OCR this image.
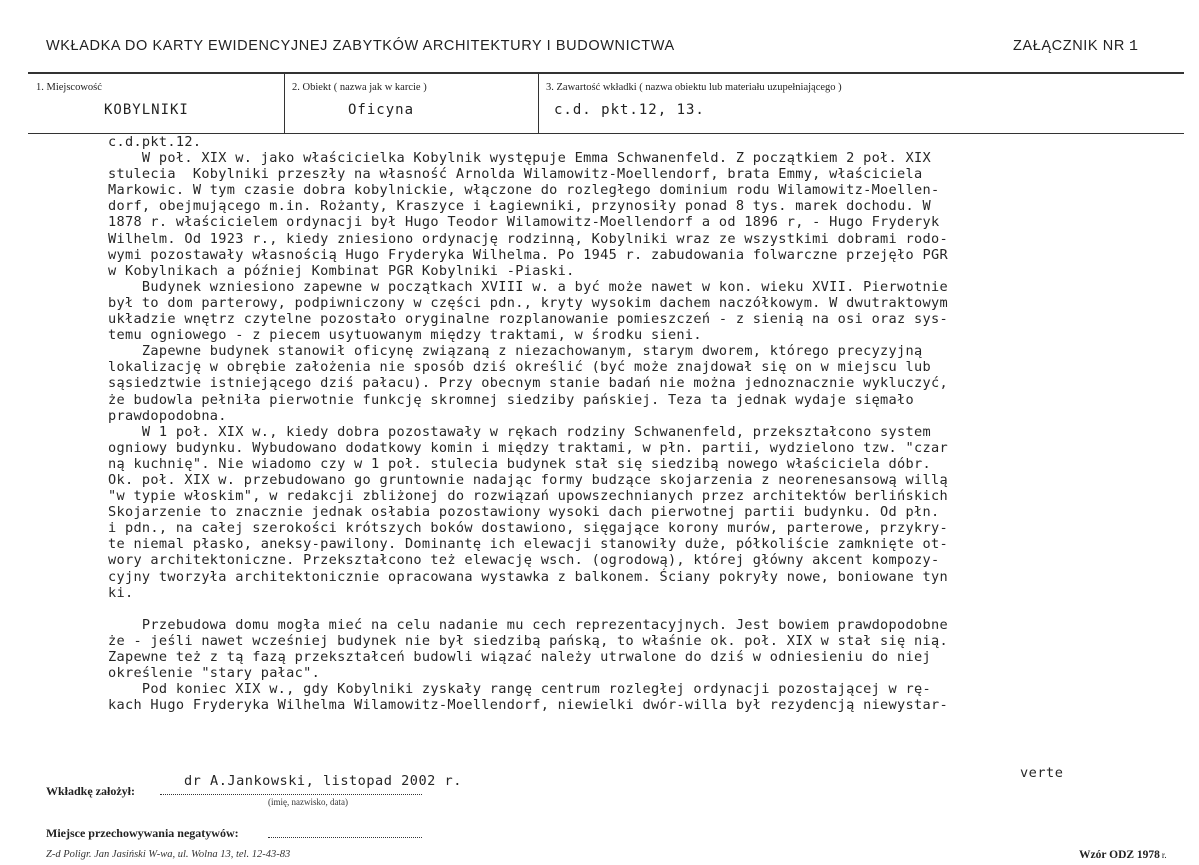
WKŁADKA DO KARTY EWIDENCYJNEJ ZABYTKÓW ARCHITEKTURY I BUDOWNICTWA	ZAŁĄCZNIK NR 1
1. Miejscowość
KOBYLNIKI
2. Obiekt ( nazwa jak w karcie )
Oficyna
3. Zawartość wkładki ( nazwa obiektu lub materiału uzupełniającego )
c.d. pkt.12, 13.
c.d.pkt.12.
W poł. XIX w. jako właścicielka Kobylnik występuje Emma Schwanenfeld. Z początkiem 2 poł. XIX
stulecia  Kobylniki przeszły na własność Arnolda Wilamowitz-Moellendorf, brata Emmy, właściciela
Markowic. W tym czasie dobra kobylnickie, włączone do rozległego dominium rodu Wilamowitz-Moellen-
dorf, obejmującego m.in. Rożanty, Kraszyce i Łagiewniki, przynosiły ponad 8 tys. marek dochodu. W
1878 r. właścicielem ordynacji był Hugo Teodor Wilamowitz-Moellendorf a od 1896 r, - Hugo Fryderyk
Wilhelm. Od 1923 r., kiedy zniesiono ordynację rodzinną, Kobylniki wraz ze wszystkimi dobrami rodo-
wymi pozostawały własnością Hugo Fryderyka Wilhelma. Po 1945 r. zabudowania folwarczne przejęło PGR
w Kobylnikach a później Kombinat PGR Kobylniki -Piaski.
Budynek wzniesiono zapewne w początkach XVIII w. a być może nawet w kon. wieku XVII. Pierwotnie
był to dom parterowy, podpiwniczony w części pdn., kryty wysokim dachem naczółkowym. W dwutraktowym
układzie wnętrz czytelne pozostało oryginalne rozplanowanie pomieszczeń - z sienią na osi oraz sys-
temu ogniowego - z piecem usytuowanym między traktami, w środku sieni.
Zapewne budynek stanowił oficynę związaną z niezachowanym, starym dworem, którego precyzyjną
lokalizację w obrębie założenia nie sposób dziś określić (być może znajdował się on w miejscu lub
sąsiedztwie istniejącego dziś pałacu). Przy obecnym stanie badań nie można jednoznacznie wykluczyć,
że budowla pełniła pierwotnie funkcję skromnej siedziby pańskiej. Teza ta jednak wydaje sięmało
prawdopodobna.
W 1 poł. XIX w., kiedy dobra pozostawały w rękach rodziny Schwanenfeld, przekształcono system
ogniowy budynku. Wybudowano dodatkowy komin i między traktami, w płn. partii, wydzielono tzw. "czar
ną kuchnię". Nie wiadomo czy w 1 poł. stulecia budynek stał się siedzibą nowego właściciela dóbr.
Ok. poł. XIX w. przebudowano go gruntownie nadając formy budzące skojarzenia z neorenesansową willą
"w typie włoskim", w redakcji zbliżonej do rozwiązań upowszechnianych przez architektów berlińskich
Skojarzenie to znacznie jednak osłabia pozostawiony wysoki dach pierwotnej partii budynku. Od płn.
i pdn., na całej szerokości krótszych boków dostawiono, sięgające korony murów, parterowe, przykry-
te niemal płasko, aneksy-pawilony. Dominantę ich elewacji stanowiły duże, półkoliście zamknięte ot-
wory architektoniczne. Przekształcono też elewację wsch. (ogrodową), której główny akcent kompozy-
cyjny tworzyła architektonicznie opracowana wystawka z balkonem. Ściany pokryły nowe, boniowane tyn
ki.

Przebudowa domu mogła mieć na celu nadanie mu cech reprezentacyjnych. Jest bowiem prawdopodobne
że - jeśli nawet wcześniej budynek nie był siedzibą pańską, to właśnie ok. poł. XIX w stał się nią.
Zapewne też z tą fazą przekształceń budowli wiązać należy utrwalone do dziś w odniesieniu do niej
określenie "stary pałac".
Pod koniec XIX w., gdy Kobylniki zyskały rangę centrum rozległej ordynacji pozostającej w rę-
kach Hugo Fryderyka Wilhelma Wilamowitz-Moellendorf, niewielki dwór-willa był rezydencją niewystar-

verte
dr A.Jankowski, listopad 2002 r.
Wkładkę założył:
(imię, nazwisko, data)
Miejsce przechowywania negatywów:
Z-d Poligr. Jan Jasiński W-wa, ul. Wolna 13, tel. 12-43-83	Wzór ODZ 1978 r.
